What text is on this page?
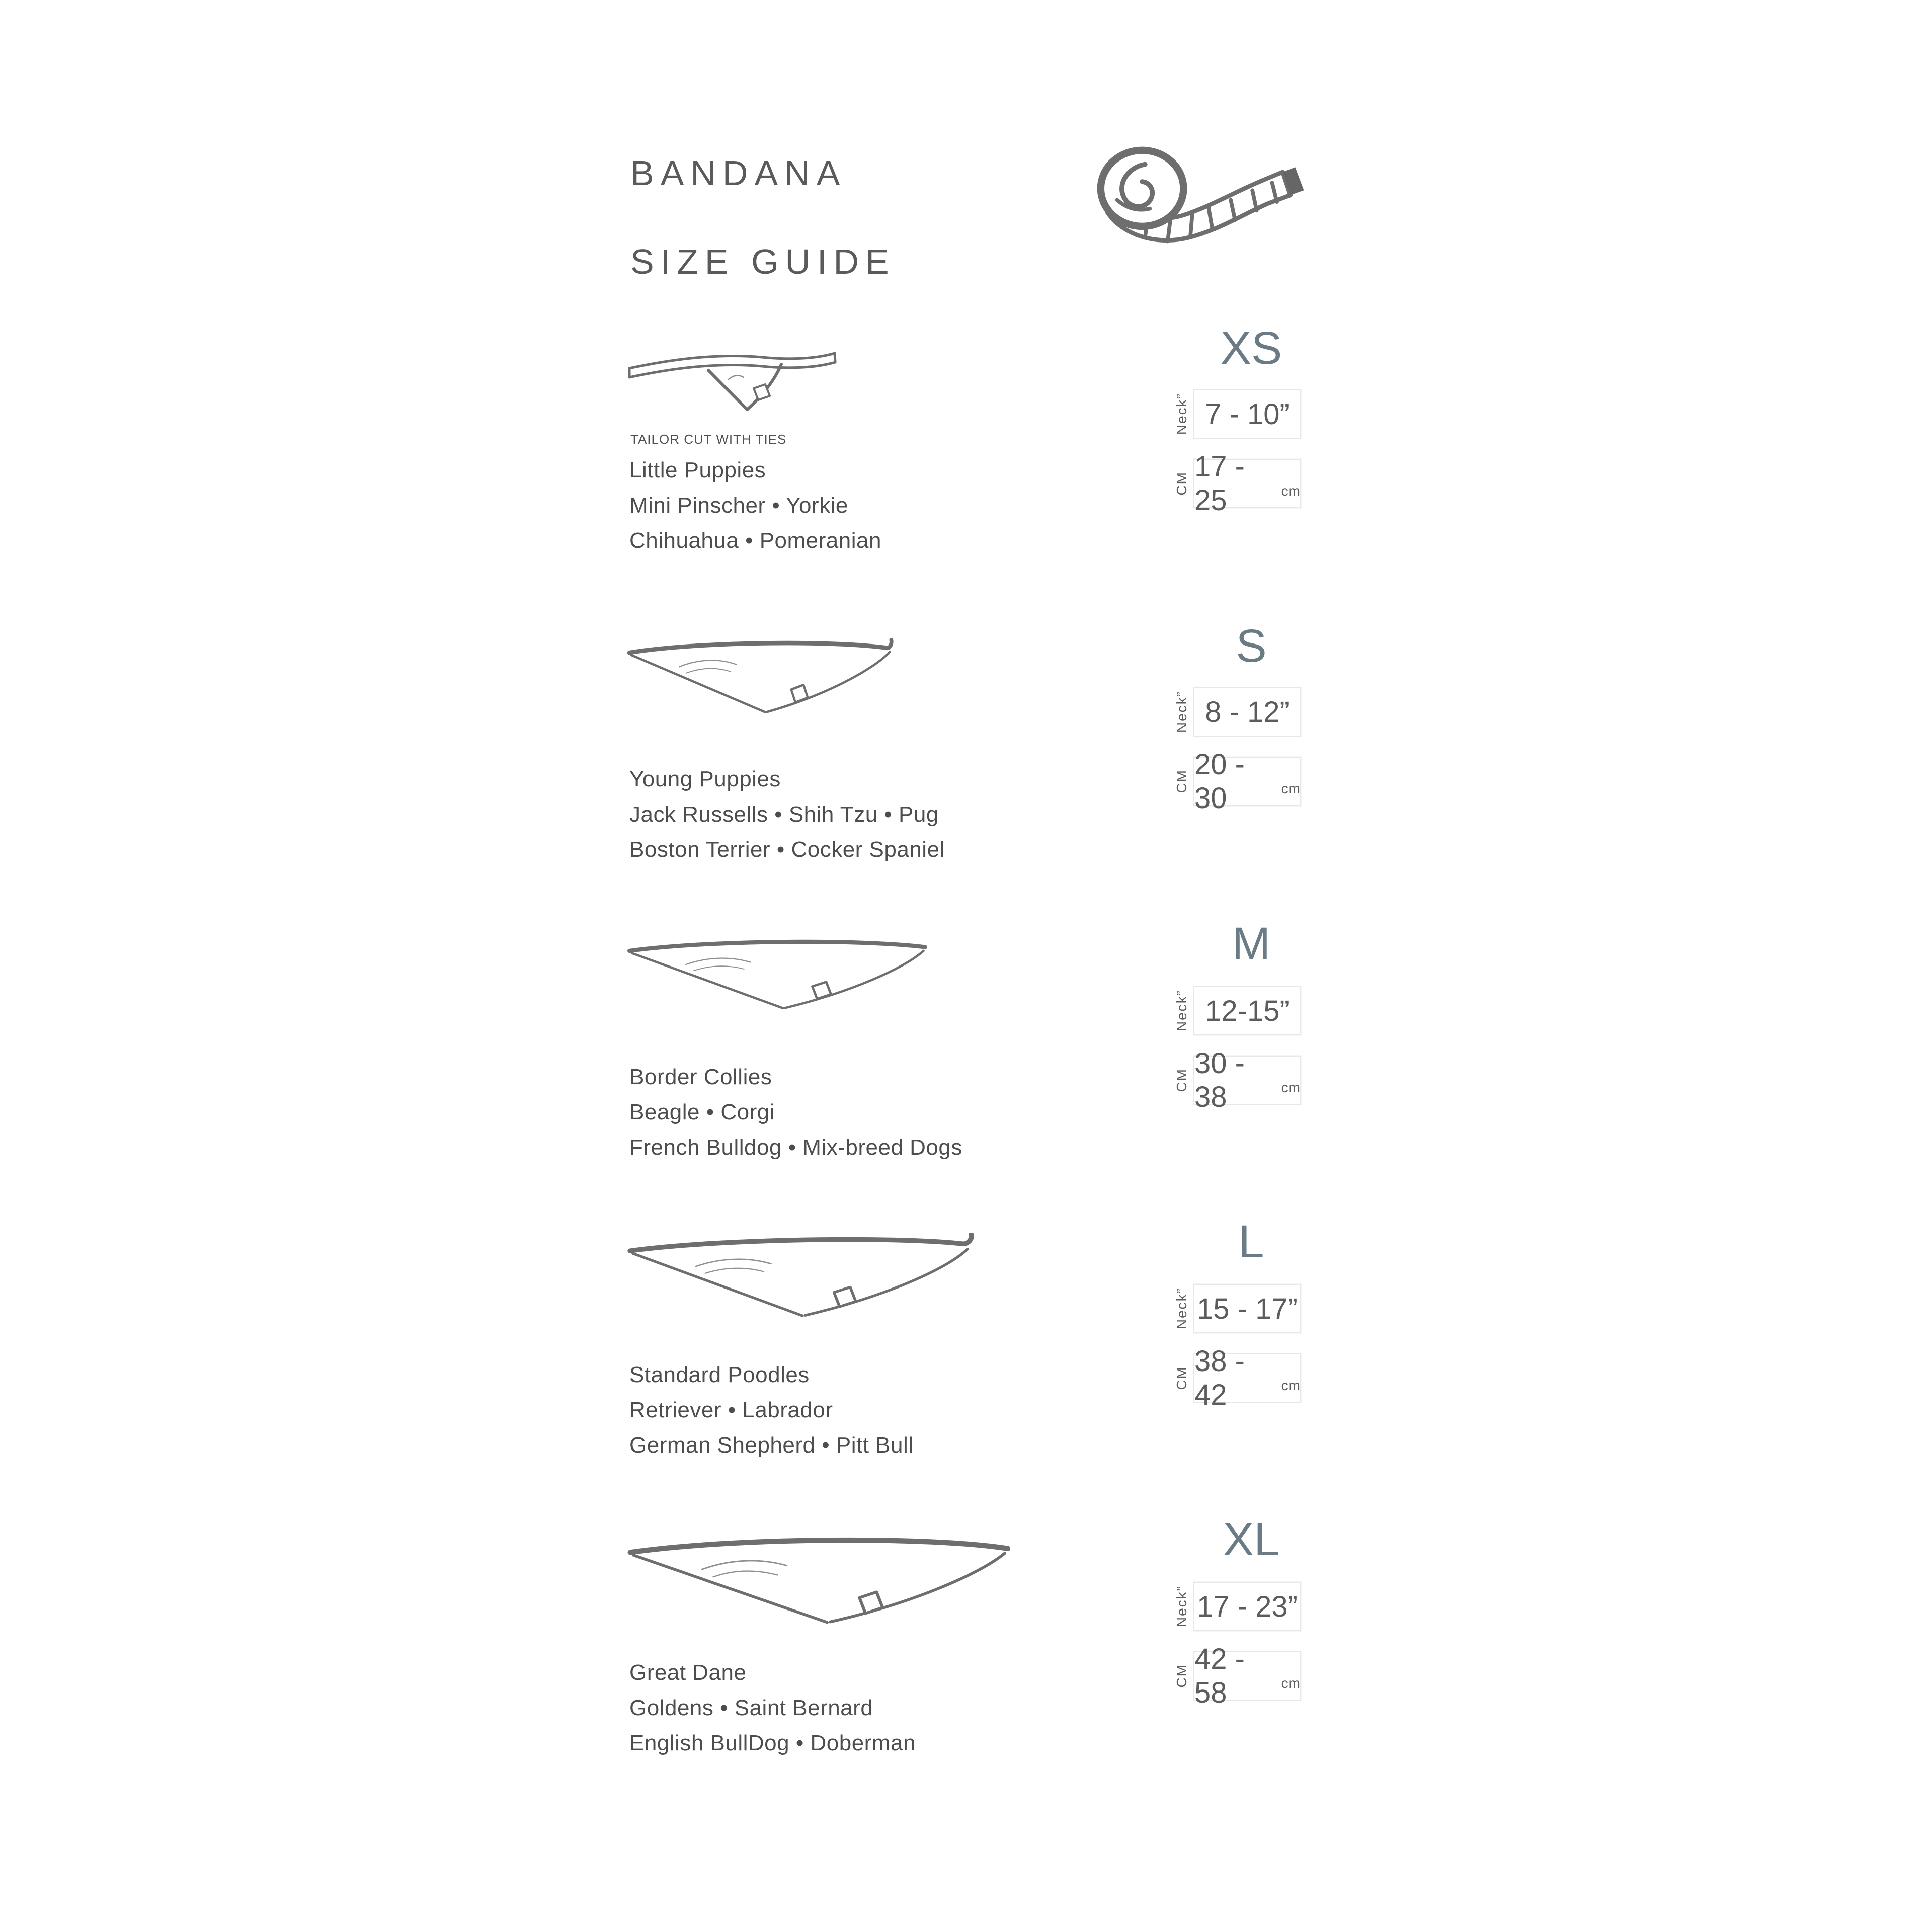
BANDANA

SIZE GUIDE

TAILOR CUT WITH TIES
Little Puppies
Mini Pinscher • Yorkie
Chihuahua • Pomeranian
XS
Neck” 7 - 10”
CM
17 - 25	cm
Young Puppies
Jack Russells • Shih Tzu • Pug
Boston Terrier • Cocker Spaniel
S
Neck” 8 - 12”
CM
20 - 30	cm
Border Collies
Beagle • Corgi
French Bulldog • Mix-breed Dogs
M
Neck” 12-15”
CM
30 - 38	cm
Standard Poodles
Retriever • Labrador
German Shepherd • Pitt Bull
L
Neck” 15 - 17”
CM
38 - 42	cm
Great Dane
Goldens • Saint Bernard
English BullDog • Doberman
XL
Neck” 17 - 23”
CM
42 - 58	cm
